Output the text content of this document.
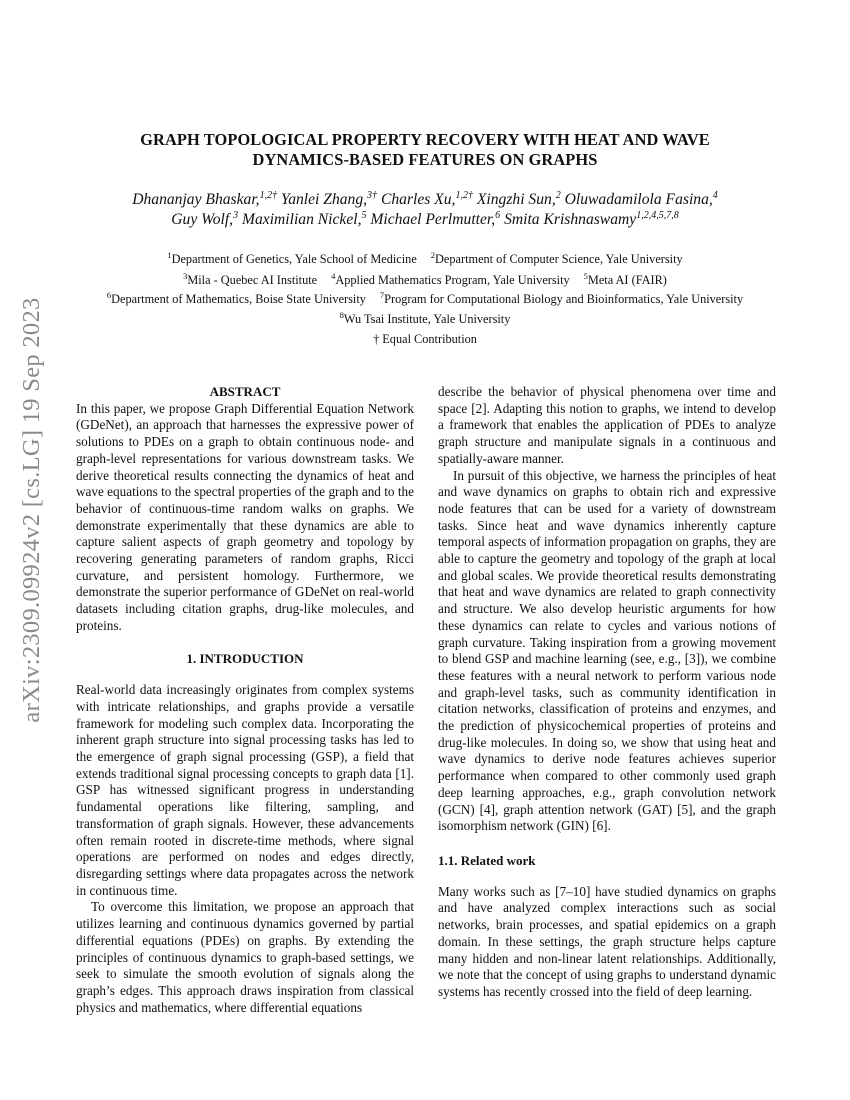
arXiv:2309.09924v2 [cs.LG] 19 Sep 2023
GRAPH TOPOLOGICAL PROPERTY RECOVERY WITH HEAT AND WAVE
DYNAMICS-BASED FEATURES ON GRAPHS
Dhananjay Bhaskar,$^{1,2\dagger}$ Yanlei Zhang,$^{3\dagger}$ Charles Xu,$^{1,2\dagger}$ Xingzhi Sun,$^2$ Oluwadamilola Fasina,$^4$
Guy Wolf,$^3$ Maximilian Nickel,$^5$ Michael Perlmutter,$^6$ Smita Krishnaswamy$^{1,2,4,5,7,8}$
$^1$Department of Genetics, Yale School of Medicine $^2$Department of Computer Science, Yale University
$^3$Mila - Quebec AI Institute $^4$Applied Mathematics Program, Yale University $^5$Meta AI (FAIR)
$^6$Department of Mathematics, Boise State University $^7$Program for Computational Biology and Bioinformatics, Yale University
$^8$Wu Tsai Institute, Yale University
† Equal Contribution
ABSTRACT

In this paper, we propose Graph Differential Equation Network (GDeNet), an approach that harnesses the expressive power of solutions to PDEs on a graph to obtain continuous node- and graph-level representations for various downstream tasks. We derive theoretical results connecting the dynamics of heat and wave equations to the spectral properties of the graph and to the behavior of continuous-time random walks on graphs. We demonstrate experimentally that these dynamics are able to capture salient aspects of graph geometry and topology by recovering generating parameters of random graphs, Ricci curvature, and persistent homology. Furthermore, we demonstrate the superior performance of GDeNet on real-world datasets including citation graphs, drug-like molecules, and proteins.

1. INTRODUCTION

Real-world data increasingly originates from complex systems with intricate relationships, and graphs provide a versatile framework for modeling such complex data. Incorporating the inherent graph structure into signal processing tasks has led to the emergence of graph signal processing (GSP), a field that extends traditional signal processing concepts to graph data [1]. GSP has witnessed significant progress in understanding fundamental operations like filtering, sampling, and transformation of graph signals. However, these advancements often remain rooted in discrete-time methods, where signal operations are performed on nodes and edges directly, disregarding settings where data propagates across the network in continuous time.

To overcome this limitation, we propose an approach that utilizes learning and continuous dynamics governed by partial differential equations (PDEs) on graphs. By extending the principles of continuous dynamics to graph-based settings, we seek to simulate the smooth evolution of signals along the graph’s edges. This approach draws inspiration from classical physics and mathematics, where differential equations

describe the behavior of physical phenomena over time and space [2]. Adapting this notion to graphs, we intend to develop a framework that enables the application of PDEs to analyze graph structure and manipulate signals in a continuous and spatially-aware manner.

In pursuit of this objective, we harness the principles of heat and wave dynamics on graphs to obtain rich and expressive node features that can be used for a variety of downstream tasks. Since heat and wave dynamics inherently capture temporal aspects of information propagation on graphs, they are able to capture the geometry and topology of the graph at local and global scales. We provide theoretical results demonstrating that heat and wave dynamics are related to graph connectivity and structure. We also develop heuristic arguments for how these dynamics can relate to cycles and various notions of graph curvature. Taking inspiration from a growing movement to blend GSP and machine learning (see, e.g., [3]), we combine these features with a neural network to perform various node and graph-level tasks, such as community identification in citation networks, classification of proteins and enzymes, and the prediction of physicochemical properties of proteins and drug-like molecules. In doing so, we show that using heat and wave dynamics to derive node features achieves superior performance when compared to other commonly used graph deep learning approaches, e.g., graph convolution network (GCN) [4], graph attention network (GAT) [5], and the graph isomorphism network (GIN) [6].

1.1. Related work

Many works such as [7–10] have studied dynamics on graphs and have analyzed complex interactions such as social networks, brain processes, and spatial epidemics on a graph domain. In these settings, the graph structure helps capture many hidden and non-linear latent relationships. Additionally, we note that the concept of using graphs to understand dynamic systems has recently crossed into the field of deep learning.
